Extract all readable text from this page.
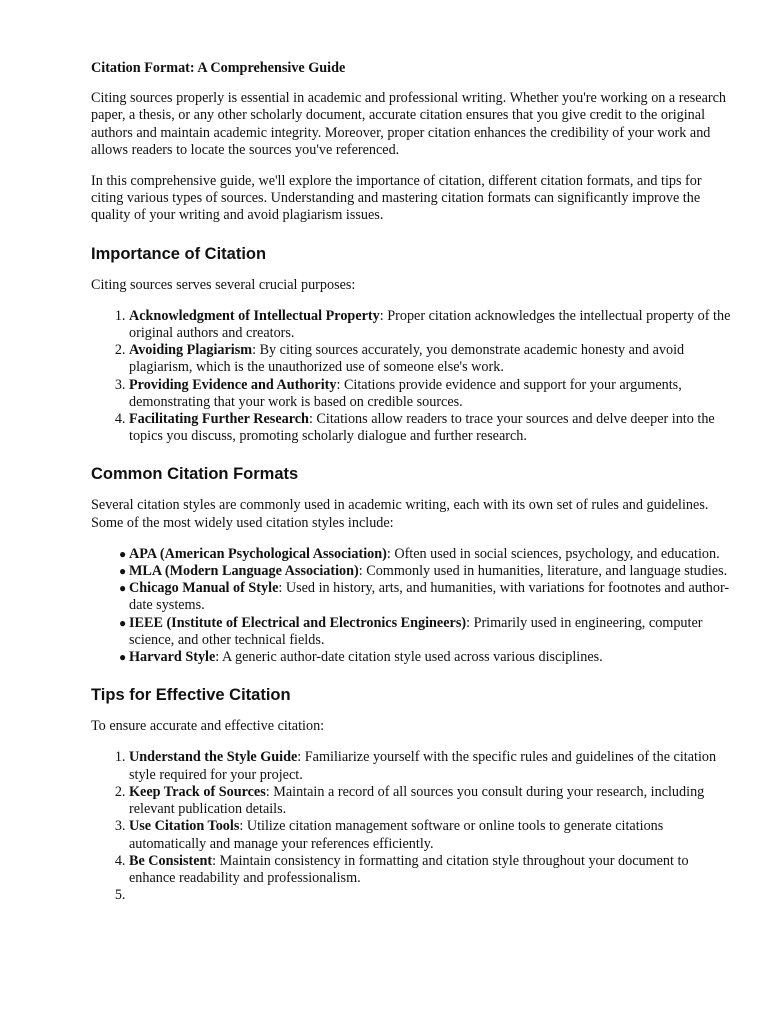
Citation Format: A Comprehensive Guide

Citing sources properly is essential in academic and professional writing. Whether you're working on a research paper, a thesis, or any other scholarly document, accurate citation ensures that you give credit to the original authors and maintain academic integrity. Moreover, proper citation enhances the credibility of your work and allows readers to locate the sources you've referenced.

In this comprehensive guide, we'll explore the importance of citation, different citation formats, and tips for citing various types of sources. Understanding and mastering citation formats can significantly improve the quality of your writing and avoid plagiarism issues.

Importance of Citation

Citing sources serves several crucial purposes:

1. Acknowledgment of Intellectual Property: Proper citation acknowledges the intellectual property of the original authors and creators.
2. Avoiding Plagiarism: By citing sources accurately, you demonstrate academic honesty and avoid plagiarism, which is the unauthorized use of someone else's work.
3. Providing Evidence and Authority: Citations provide evidence and support for your arguments, demonstrating that your work is based on credible sources.
4. Facilitating Further Research: Citations allow readers to trace your sources and delve deeper into the topics you discuss, promoting scholarly dialogue and further research.
Common Citation Formats

Several citation styles are commonly used in academic writing, each with its own set of rules and guidelines. Some of the most widely used citation styles include:

● APA (American Psychological Association): Often used in social sciences, psychology, and education.
● MLA (Modern Language Association): Commonly used in humanities, literature, and language studies.
● Chicago Manual of Style: Used in history, arts, and humanities, with variations for footnotes and author-date systems.
● IEEE (Institute of Electrical and Electronics Engineers): Primarily used in engineering, computer science, and other technical fields.
● Harvard Style: A generic author-date citation style used across various disciplines.
Tips for Effective Citation

To ensure accurate and effective citation:

1. Understand the Style Guide: Familiarize yourself with the specific rules and guidelines of the citation style required for your project.
2. Keep Track of Sources: Maintain a record of all sources you consult during your research, including relevant publication details.
3. Use Citation Tools: Utilize citation management software or online tools to generate citations automatically and manage your references efficiently.
4. Be Consistent: Maintain consistency in formatting and citation style throughout your document to enhance readability and professionalism.
5.
